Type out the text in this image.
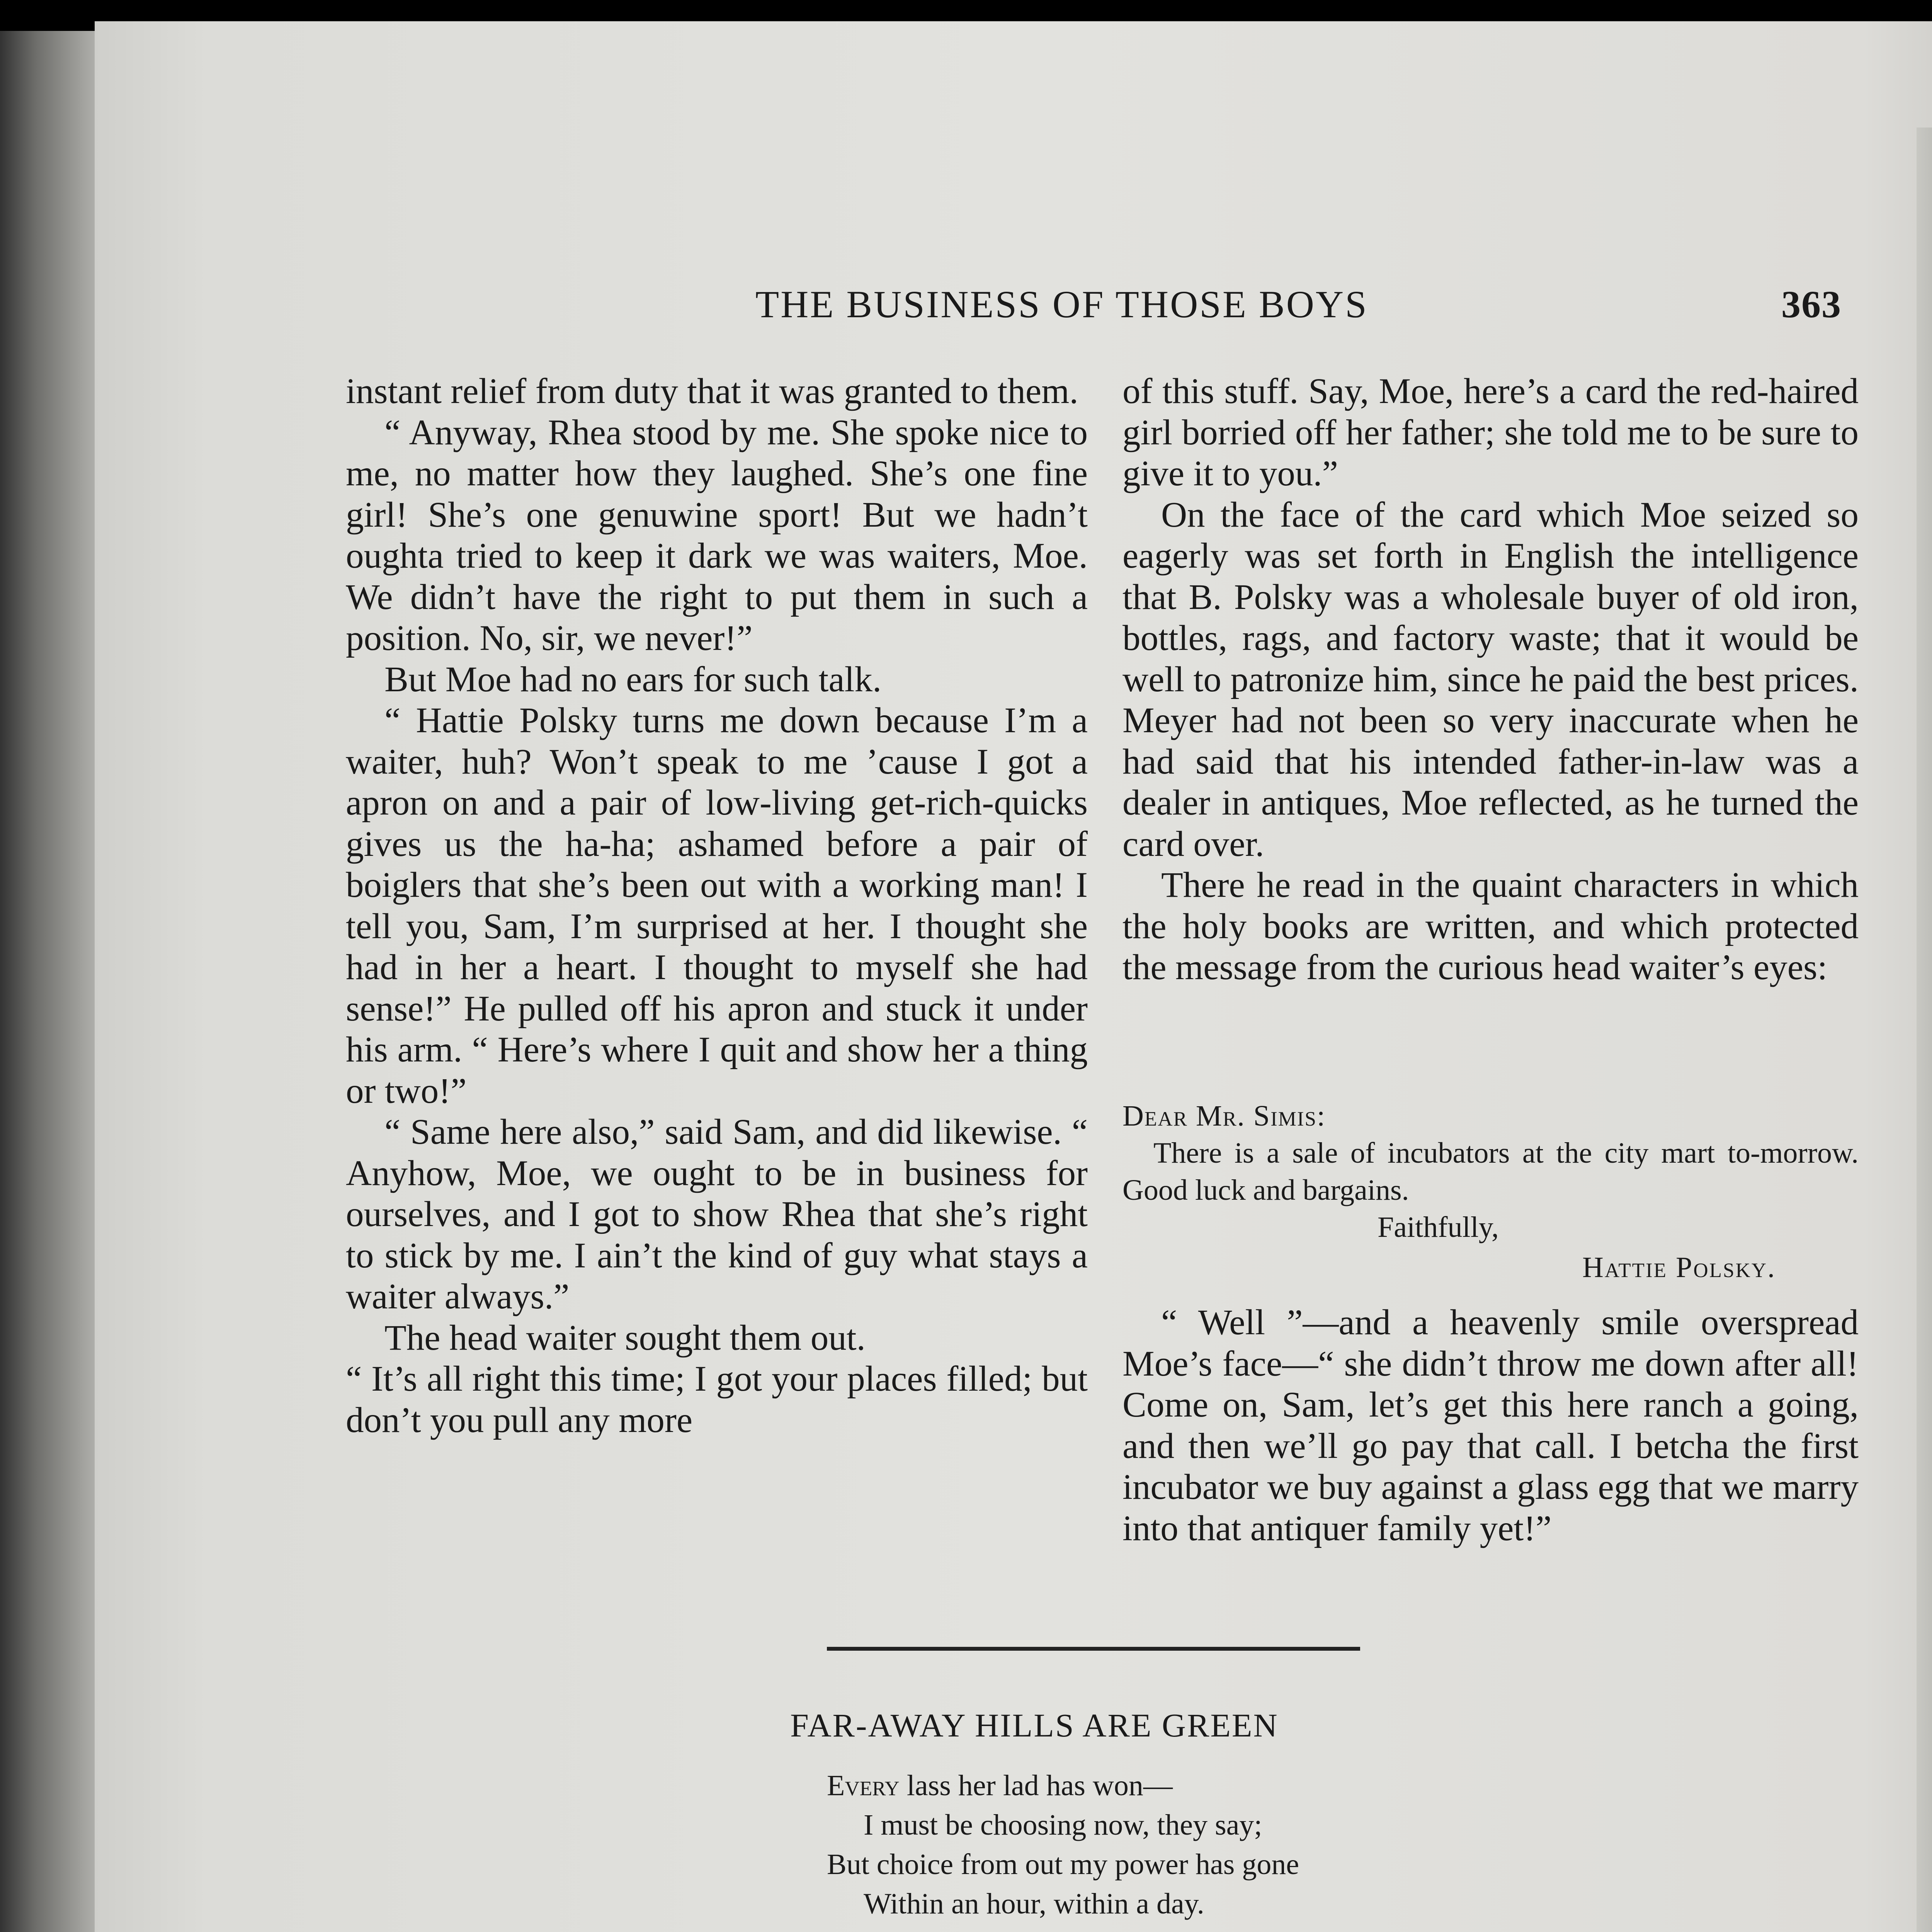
THE BUSINESS OF THOSE BOYS	363

instant relief from duty that it was granted to them.

“ Anyway, Rhea stood by me. She spoke nice to me, no matter how they laughed. She’s one fine girl! She’s one genuwine sport! But we hadn’t oughta tried to keep it dark we was waiters, Moe. We didn’t have the right to put them in such a position. No, sir, we never!”

But Moe had no ears for such talk.

“ Hattie Polsky turns me down because I’m a waiter, huh? Won’t speak to me ’cause I got a apron on and a pair of low-living get-rich-quicks gives us the ha-ha; ashamed before a pair of boiglers that she’s been out with a working man! I tell you, Sam, I’m surprised at her. I thought she had in her a heart. I thought to myself she had sense!” He pulled off his apron and stuck it under his arm. “ Here’s where I quit and show her a thing or two!”

“ Same here also,” said Sam, and did likewise. “ Anyhow, Moe, we ought to be in business for ourselves, and I got to show Rhea that she’s right to stick by me. I ain’t the kind of guy what stays a waiter always.”

The head waiter sought them out.

“ It’s all right this time; I got your places filled; but don’t you pull any more

of this stuff. Say, Moe, here’s a card the red-haired girl borried off her father; she told me to be sure to give it to you.”

On the face of the card which Moe seized so eagerly was set forth in English the intelligence that B. Polsky was a wholesale buyer of old iron, bottles, rags, and factory waste; that it would be well to patronize him, since he paid the best prices. Meyer had not been so very inaccurate when he had said that his intended father-in-law was a dealer in antiques, Moe reflected, as he turned the card over.

There he read in the quaint characters in which the holy books are written, and which protected the message from the curious head waiter’s eyes:

Dear Mr. Simis:

There is a sale of incubators at the city mart to-morrow. Good luck and bargains.

Faithfully,

Hattie Polsky.

“ Well ”—and a heavenly smile overspread Moe’s face—“ she didn’t throw me down after all! Come on, Sam, let’s get this here ranch a going, and then we’ll go pay that call. I betcha the first incubator we buy against a glass egg that we marry into that antiquer family yet!”

FAR-AWAY HILLS ARE GREEN
Every lass her lad has won—
I must be choosing now, they say;
But choice from out my power has gone
Within an hour, within a day.
